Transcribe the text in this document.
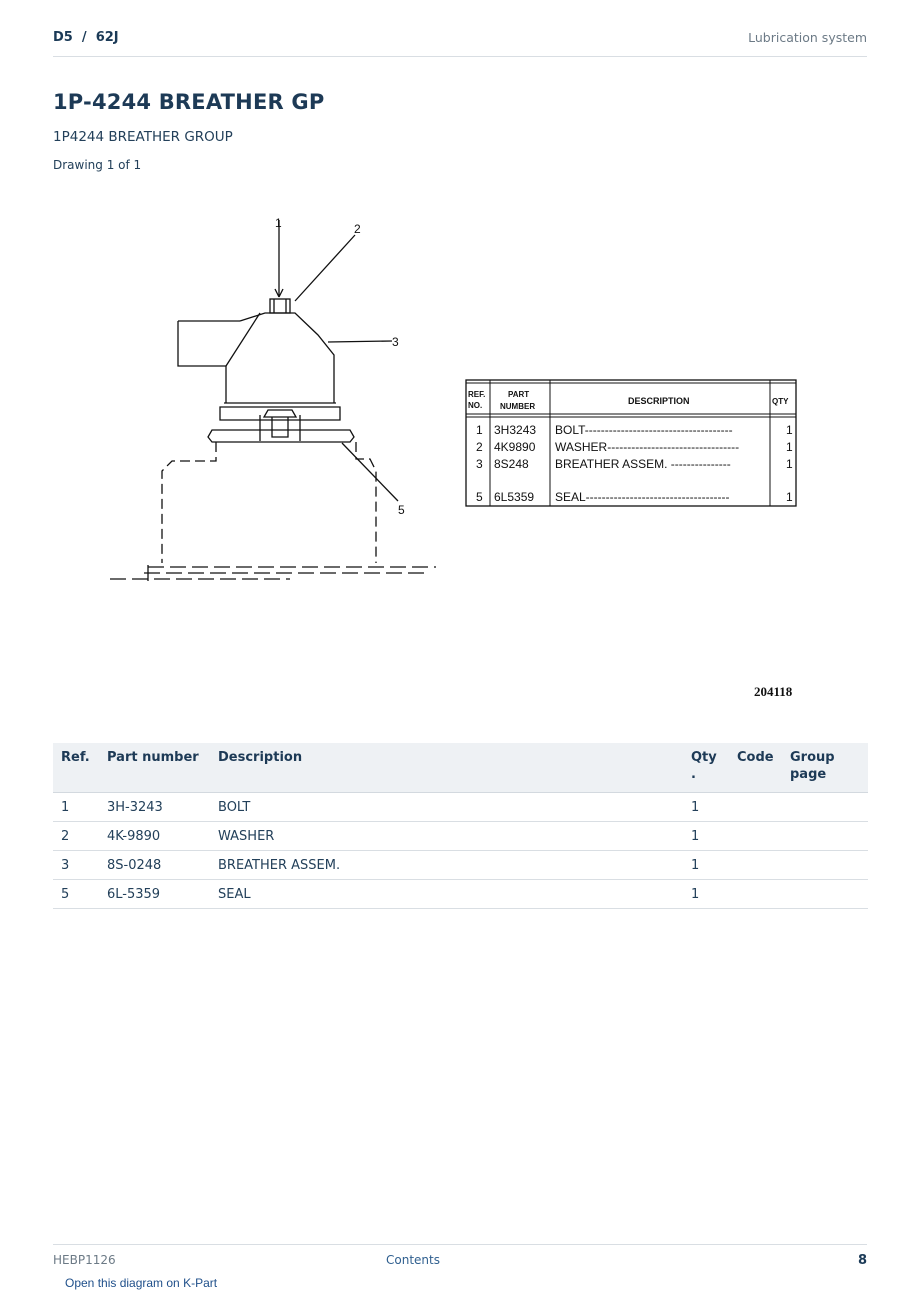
D5  /  62J	Lubrication system
1P-4244 BREATHER GP
1P4244 BREATHER GROUP
Drawing 1 of 1
1	2
3
5
REF.
NO.
PART
NUMBER
DESCRIPTION	QTY
1 3H3243 BOLT-------------------------------------	1
2 4K9890 WASHER---------------------------------	1
3 8S248 BREATHER ASSEM. ---------------	1
5 6L5359 SEAL------------------------------------	1
204118
Ref.	Part number	Description	Qty
.	Code	Group
page
1	3H-3243	BOLT	1		
2	4K-9890	WASHER	1		
3	8S-0248	BREATHER ASSEM.	1		
5	6L-5359	SEAL	1		
HEBP1126	Contents	8
Open this diagram on K-Part
